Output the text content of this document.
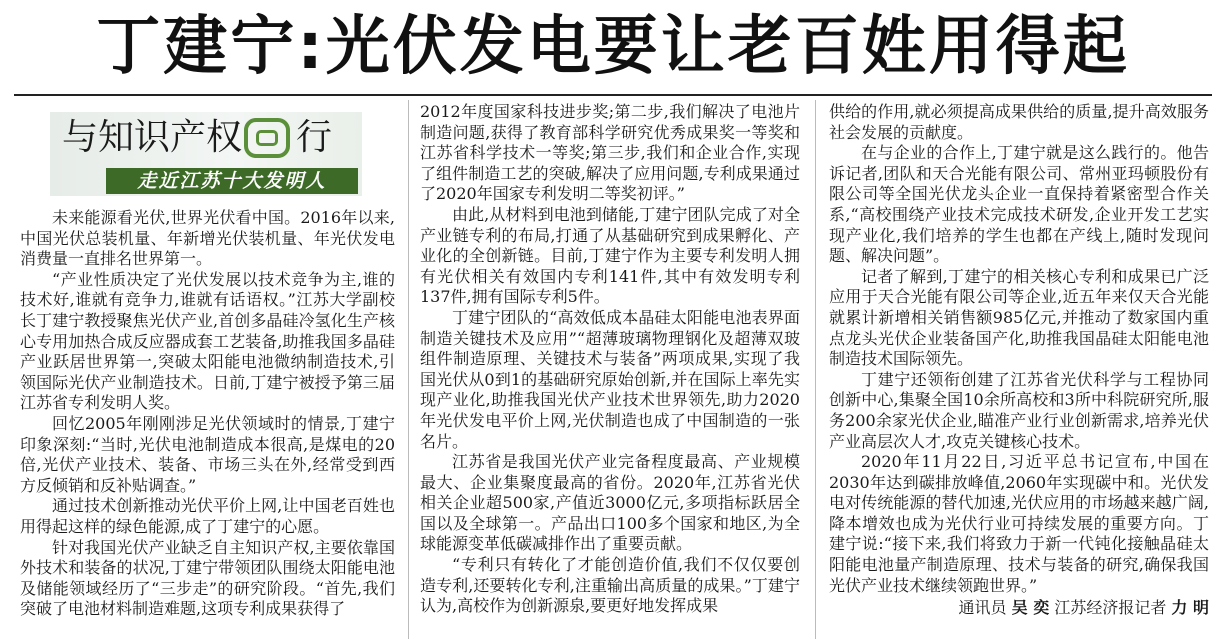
丁建宁:光伏发电要让老百姓用得起
与知识产权 行
走近江苏十大发明人

未来能源看光伏,世界光伏看中国。2016年以来,中国光伏总装机量、年新增光伏装机量、年光伏发电消费量一直排名世界第一。

“产业性质决定了光伏发展以技术竞争为主,谁的技术好,谁就有竞争力,谁就有话语权。”江苏大学副校长丁建宁教授聚焦光伏产业,首创多晶硅冷氢化生产核心专用加热合成反应器成套工艺装备,助推我国多晶硅产业跃居世界第一,突破太阳能电池微纳制造技术,引领国际光伏产业制造技术。日前,丁建宁被授予第三届江苏省专利发明人奖。

回忆2005年刚刚涉足光伏领域时的情景,丁建宁印象深刻:“当时,光伏电池制造成本很高,是煤电的20倍,光伏产业技术、装备、市场三头在外,经常受到西方反倾销和反补贴调查。”

通过技术创新推动光伏平价上网,让中国老百姓也用得起这样的绿色能源,成了丁建宁的心愿。

针对我国光伏产业缺乏自主知识产权,主要依靠国外技术和装备的状况,丁建宁带领团队围绕太阳能电池及储能领域经历了“三步走”的研究阶段。“首先,我们突破了电池材料制造难题,这项专利成果获得了

2012年度国家科技进步奖;第二步,我们解决了电池片制造问题,获得了教育部科学研究优秀成果奖一等奖和江苏省科学技术一等奖;第三步,我们和企业合作,实现了组件制造工艺的突破,解决了应用问题,专利成果通过了2020年国家专利发明二等奖初评。”

由此,从材料到电池到储能,丁建宁团队完成了对全产业链专利的布局,打通了从基础研究到成果孵化、产业化的全创新链。目前,丁建宁作为主要专利发明人拥有光伏相关有效国内专利141件,其中有效发明专利137件,拥有国际专利5件。

丁建宁团队的“高效低成本晶硅太阳能电池表界面制造关键技术及应用”“超薄玻璃物理钢化及超薄双玻组件制造原理、关键技术与装备”两项成果,实现了我国光伏从0到1的基础研究原始创新,并在国际上率先实现产业化,助推我国光伏产业技术世界领先,助力2020年光伏发电平价上网,光伏制造也成了中国制造的一张名片。

江苏省是我国光伏产业完备程度最高、产业规模最大、企业集聚度最高的省份。2020年,江苏省光伏相关企业超500家,产值近3000亿元,多项指标跃居全国以及全球第一。产品出口100多个国家和地区,为全球能源变革低碳减排作出了重要贡献。

“专利只有转化了才能创造价值,我们不仅仅要创造专利,还要转化专利,注重输出高质量的成果。”丁建宁认为,高校作为创新源泉,要更好地发挥成果

供给的作用,就必须提高成果供给的质量,提升高效服务社会发展的贡献度。

在与企业的合作上,丁建宁就是这么践行的。他告诉记者,团队和天合光能有限公司、常州亚玛顿股份有限公司等全国光伏龙头企业一直保持着紧密型合作关系,“高校围绕产业技术完成技术研发,企业开发工艺实现产业化,我们培养的学生也都在产线上,随时发现问题、解决问题”。

记者了解到,丁建宁的相关核心专利和成果已广泛应用于天合光能有限公司等企业,近五年来仅天合光能就累计新增相关销售额985亿元,并推动了数家国内重点龙头光伏企业装备国产化,助推我国晶硅太阳能电池制造技术国际领先。

丁建宁还领衔创建了江苏省光伏科学与工程协同创新中心,集聚全国10余所高校和3所中科院研究所,服务200余家光伏企业,瞄准产业行业创新需求,培养光伏产业高层次人才,攻克关键核心技术。

2020年11月22日,习近平总书记宣布,中国在2030年达到碳排放峰值,2060年实现碳中和。光伏发电对传统能源的替代加速,光伏应用的市场越来越广阔,降本增效也成为光伏行业可持续发展的重要方向。丁建宁说:“接下来,我们将致力于新一代钝化接触晶硅太阳能电池量产制造原理、技术与装备的研究,确保我国光伏产业技术继续领跑世界。”

通讯员 吴 奕 江苏经济报记者 力 明
